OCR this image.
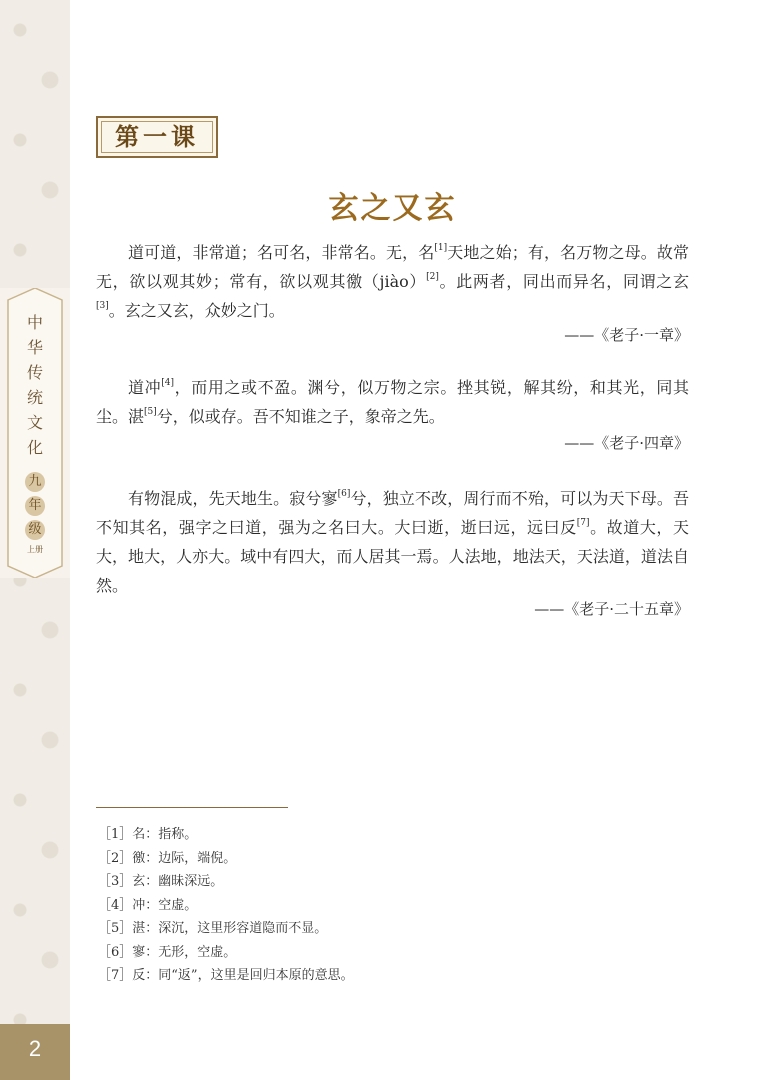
中
华
传
统
文
化
九
年
级
上册
2
第一课
玄之又玄
道可道，非常道；名可名，非常名。无，名[1]天地之始；有，名万物之母。故常无，欲以观其妙；常有，欲以观其徼（jiào）[2]。此两者，同出而异名，同谓之玄[3]。玄之又玄，众妙之门。
——《老子·一章》
道冲[4]，而用之或不盈。渊兮，似万物之宗。挫其锐，解其纷，和其光，同其尘。湛[5]兮，似或存。吾不知谁之子，象帝之先。
——《老子·四章》
有物混成，先天地生。寂兮寥[6]兮，独立不改，周行而不殆，可以为天下母。吾不知其名，强字之曰道，强为之名曰大。大曰逝，逝曰远，远曰反[7]。故道大，天大，地大，人亦大。域中有四大，而人居其一焉。人法地，地法天，天法道，道法自然。
——《老子·二十五章》
［1］名：指称。
［2］徼：边际，端倪。
［3］玄：幽昧深远。
［4］冲：空虚。
［5］湛：深沉，这里形容道隐而不显。
［6］寥：无形，空虚。
［7］反：同“返”，这里是回归本原的意思。
